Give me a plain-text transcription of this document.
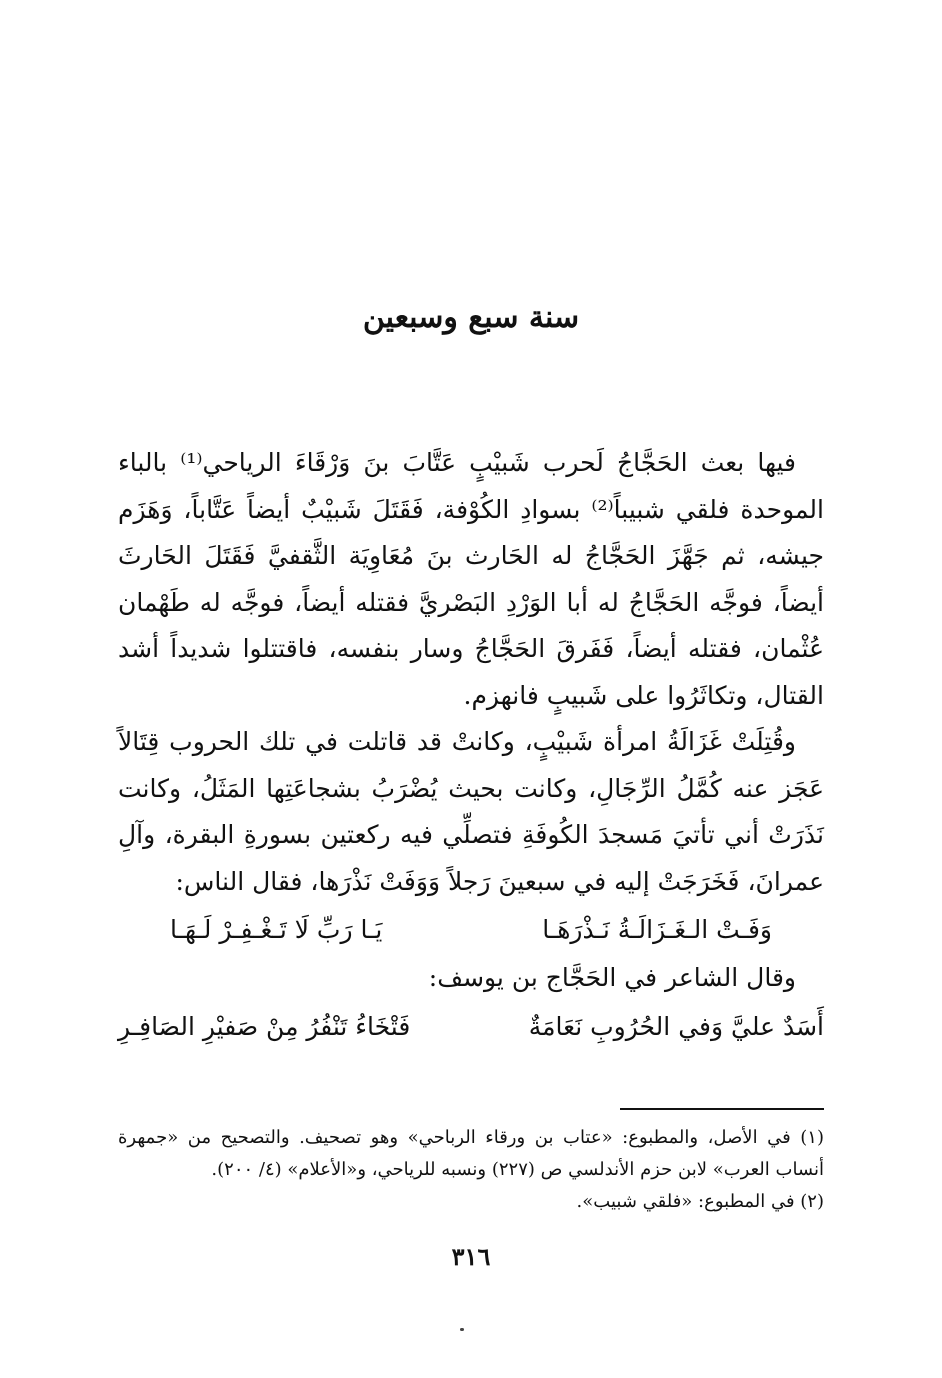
سنة سبع وسبعين

فيها بعث الحَجَّاجُ لَحرب شَبيْبٍ عَتَّابَ بنَ وَرْقَاءَ الرياحي⁽¹⁾ بالباء الموحدة فلقي شبيباً⁽²⁾ بسوادِ الكُوْفة، فَقَتَلَ شَبيْبٌ أيضاً عَتَّاباً، وَهَزَم جيشه، ثم جَهَّزَ الحَجَّاجُ له الحَارث بنَ مُعَاوِيَة الثَّقفيَّ فَقَتَلَ الحَارثَ أيضاً، فوجَّه الحَجَّاجُ له أبا الوَرْدِ البَصْريَّ فقتله أيضاً، فوجَّه له طَهْمان عُثْمان، فقتله أيضاً، فَفَرقَ الحَجَّاجُ وسار بنفسه، فاقتتلوا شديداً أشد القتال، وتكاثَرُوا على شَبيبٍ فانهزم.

وقُتِلَتْ غَزَالَةُ امرأة شَبيْبٍ، وكانتْ قد قاتلت في تلك الحروب قِتَالاً عَجَز عنه كُمَّلُ الرِّجَالِ، وكانت بحيث يُضْرَبُ بشجاعَتِها المَثَلُ، وكانت نَذَرَتْ أني تأتيَ مَسجدَ الكُوفَةِ فتصلِّي فيه ركعتين بسورةِ البقرة، وآلِ عمرانَ، فَخَرَجَتْ إليه في سبعينَ رَجلاً وَوَفَتْ نَذْرَها، فقال الناس:

وَفَـتْ الـغَـزَالَـةُ نَـذْرَهَـا
يَـا رَبِّ لَا تَـغْـفِـرْ لَـهَـا

وقال الشاعر في الحَجَّاج بن يوسف:

أَسَدٌ عليَّ وَفي الحُرُوبِ نَعَامَةٌ
فَتْخَاءُ تَنْفُرُ مِنْ صَفيْرِ الصَافِـرِ

(١) في الأصل، والمطبوع: «عتاب بن ورقاء الرباحي» وهو تصحيف. والتصحيح من «جمهرة أنساب العرب» لابن حزم الأندلسي ص (٢٢٧) ونسبه للرياحي، و«الأعلام» (٤/ ٢٠٠).

(٢) في المطبوع: «فلقي شبيب».

٣١٦
